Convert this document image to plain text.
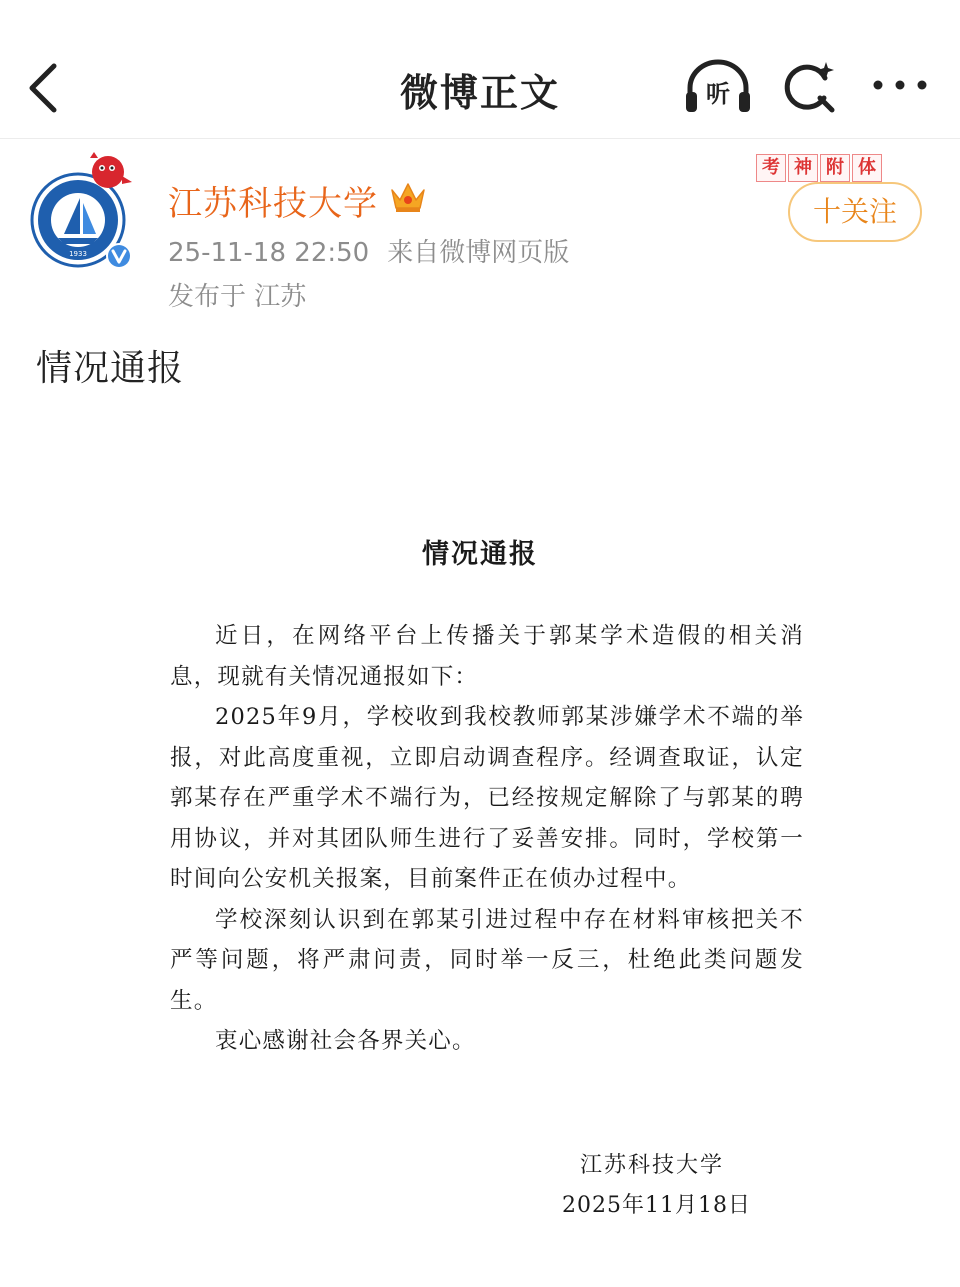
微博正文	听
1933
江苏科技大学
25-11-18 22:50 来自微博网页版
发布于 江苏
考 神 附 体
十关注
情况通报
情况通报

近日，在网络平台上传播关于郭某学术造假的相关消息，现就有关情况通报如下：

2025年9月，学校收到我校教师郭某涉嫌学术不端的举报，对此高度重视，立即启动调查程序。经调查取证，认定郭某存在严重学术不端行为，已经按规定解除了与郭某的聘用协议，并对其团队师生进行了妥善安排。同时，学校第一时间向公安机关报案，目前案件正在侦办过程中。

学校深刻认识到在郭某引进过程中存在材料审核把关不严等问题，将严肃问责，同时举一反三，杜绝此类问题发生。

衷心感谢社会各界关心。

江苏科技大学
2025年11月18日
